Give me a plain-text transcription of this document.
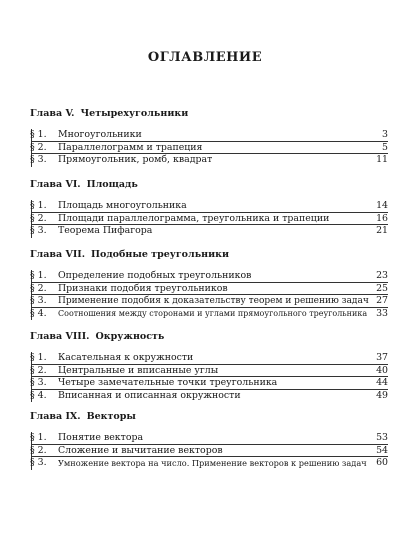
ОГЛАВЛЕНИЕ
Глава V. Четырехугольники
§ 1.	Многоугольники	3
§ 2.	Параллелограмм и трапеция	5
§ 3.	Прямоугольник, ромб, квадрат	11
Глава VI. Площадь
§ 1.	Площадь многоугольника	14
§ 2.	Площади параллелограмма, треугольника и трапеции	16
§ 3.	Теорема Пифагора	21
Глава VII. Подобные треугольники
§ 1.	Определение подобных треугольников	23
§ 2.	Признаки подобия треугольников	25
§ 3.	Применение подобия к доказательству теорем и решению задач 27
§ 4.	Соотношения между сторонами и углами прямоугольного треугольника 33
Глава VIII. Окружность
§ 1.	Касательная к окружности	37
§ 2.	Центральные и вписанные углы	40
§ 3.	Четыре замечательные точки треугольника	44
§ 4.	Вписанная и описанная окружности	49
Глава IX. Векторы
§ 1.	Понятие вектора	53
§ 2.	Сложение и вычитание векторов	54
§ 3.	Умножение вектора на число. Применение векторов к решению задач 60
